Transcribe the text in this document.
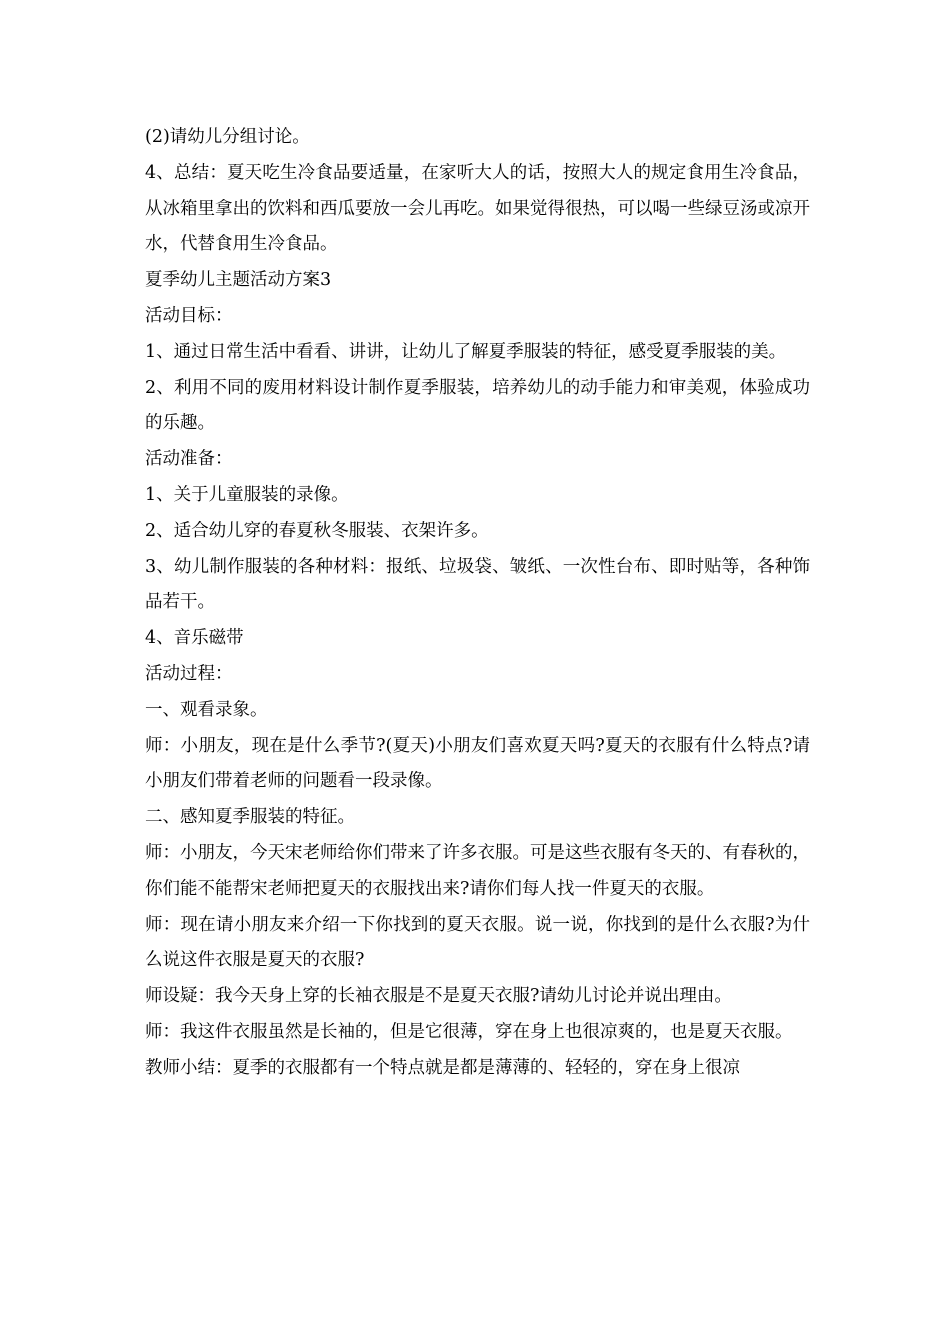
(2)请幼儿分组讨论。

4、总结：夏天吃生冷食品要适量，在家听大人的话，按照大人的规定食用生冷食品，从冰箱里拿出的饮料和西瓜要放一会儿再吃。如果觉得很热，可以喝一些绿豆汤或凉开水，代替食用生冷食品。

夏季幼儿主题活动方案3

活动目标：

1、通过日常生活中看看、讲讲，让幼儿了解夏季服装的特征，感受夏季服装的美。

2、利用不同的废用材料设计制作夏季服装，培养幼儿的动手能力和审美观，体验成功的乐趣。

活动准备：

1、关于儿童服装的录像。

2、适合幼儿穿的春夏秋冬服装、衣架许多。

3、幼儿制作服装的各种材料：报纸、垃圾袋、皱纸、一次性台布、即时贴等，各种饰品若干。

4、音乐磁带

活动过程：

一、观看录象。

师：小朋友，现在是什么季节?(夏天)小朋友们喜欢夏天吗?夏天的衣服有什么特点?请小朋友们带着老师的问题看一段录像。

二、感知夏季服装的特征。

师：小朋友，今天宋老师给你们带来了许多衣服。可是这些衣服有冬天的、有春秋的，你们能不能帮宋老师把夏天的衣服找出来?请你们每人找一件夏天的衣服。

师：现在请小朋友来介绍一下你找到的夏天衣服。说一说，你找到的是什么衣服?为什么说这件衣服是夏天的衣服?

师设疑：我今天身上穿的长袖衣服是不是夏天衣服?请幼儿讨论并说出理由。

师：我这件衣服虽然是长袖的，但是它很薄，穿在身上也很凉爽的，也是夏天衣服。

教师小结：夏季的衣服都有一个特点就是都是薄薄的、轻轻的，穿在身上很凉
